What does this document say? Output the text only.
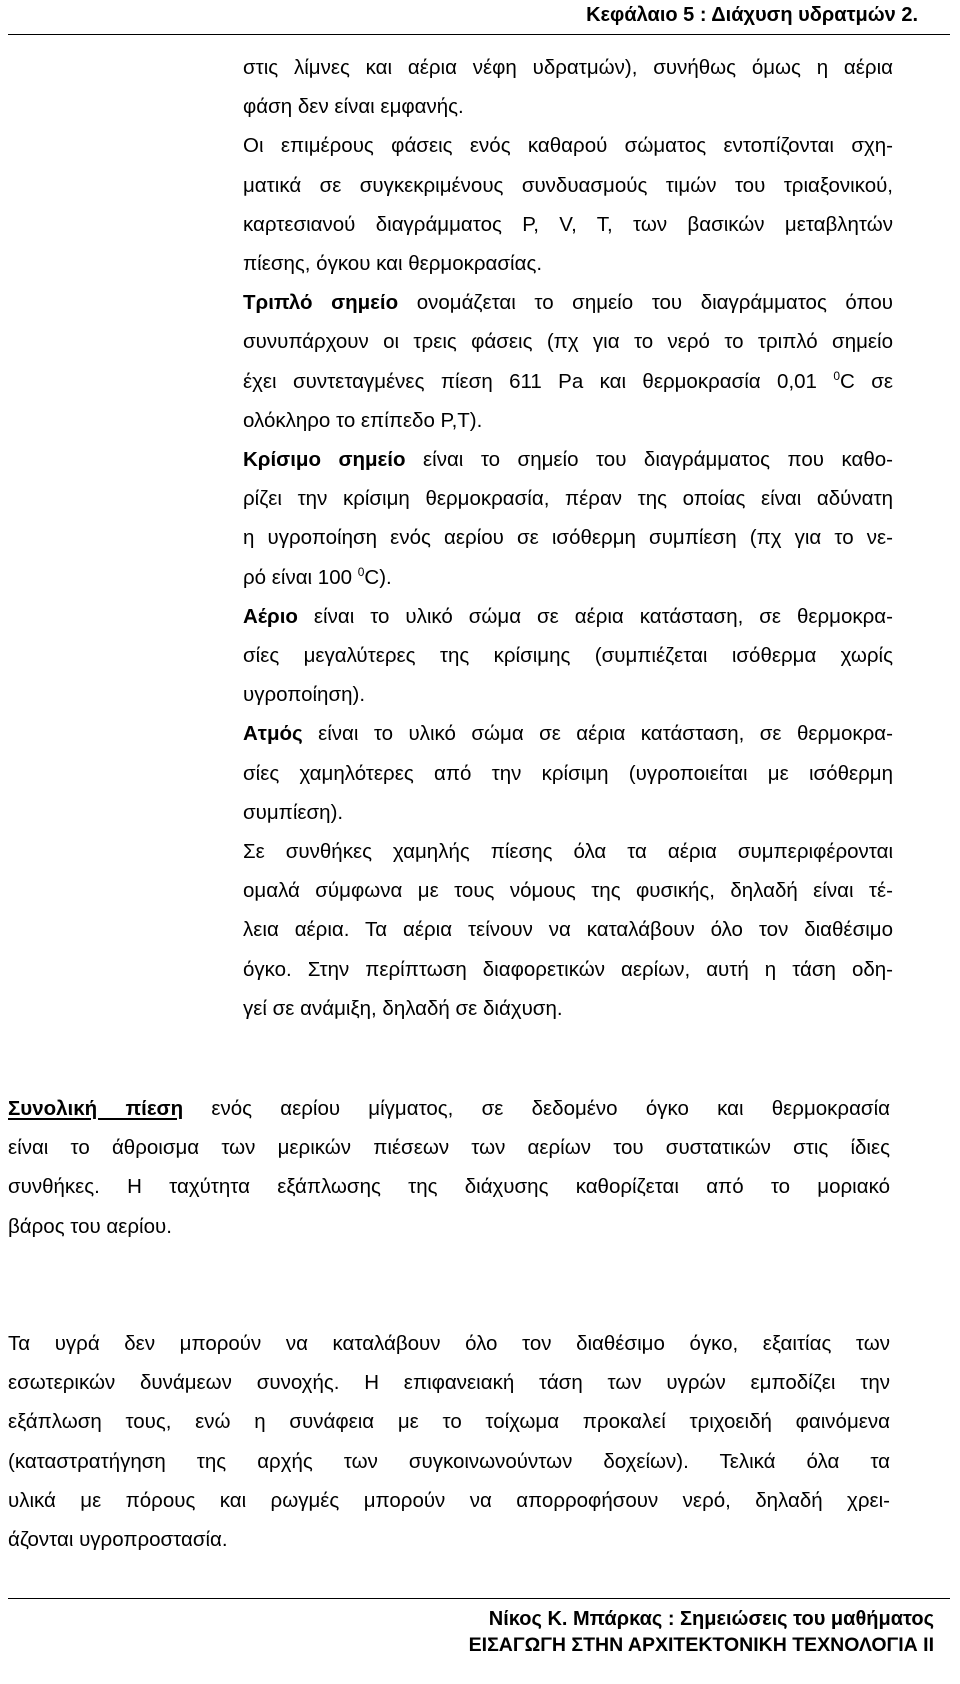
Κεφάλαιο 5 : Διάχυση υδρατμών 2.
στις λίμνες και αέρια νέφη υδρατμών), συνήθως όμως η αέρια
φάση δεν είναι εμφανής.
Οι επιμέρους φάσεις ενός καθαρού σώματος εντοπίζονται σχη-
ματικά σε συγκεκριμένους συνδυασμούς τιμών του τριαξονικού,
καρτεσιανού διαγράμματος P, V, T, των βασικών μεταβλητών
πίεσης, όγκου και θερμοκρασίας.
Τριπλό σημείο ονομάζεται το σημείο του διαγράμματος όπου
συνυπάρχουν οι τρεις φάσεις (πχ για το νερό το τριπλό σημείο
έχει συντεταγμένες πίεση 611 Pa και θερμοκρασία 0,01 $^0$C σε
ολόκληρο το επίπεδο P,T).
Κρίσιμο σημείο είναι το σημείο του διαγράμματος που καθο-
ρίζει την κρίσιμη θερμοκρασία, πέραν της οποίας είναι αδύνατη
η υγροποίηση ενός αερίου σε ισόθερμη συμπίεση (πχ για το νε-
ρό είναι 100 $^0$C).
Αέριο είναι το υλικό σώμα σε αέρια κατάσταση, σε θερμοκρα-
σίες μεγαλύτερες της κρίσιμης (συμπιέζεται ισόθερμα χωρίς
υγροποίηση).
Ατμός είναι το υλικό σώμα σε αέρια κατάσταση, σε θερμοκρα-
σίες χαμηλότερες από την κρίσιμη (υγροποιείται με ισόθερμη
συμπίεση).
Σε συνθήκες χαμηλής πίεσης όλα τα αέρια συμπεριφέρονται
ομαλά σύμφωνα με τους νόμους της φυσικής, δηλαδή είναι τέ-
λεια αέρια. Τα αέρια τείνουν να καταλάβουν όλο τον διαθέσιμο
όγκο. Στην περίπτωση διαφορετικών αερίων, αυτή η τάση οδη-
γεί σε ανάμιξη, δηλαδή σε διάχυση.
Συνολική πίεση ενός αερίου μίγματος, σε δεδομένο όγκο και θερμοκρασία
είναι το άθροισμα των μερικών πιέσεων των αερίων του συστατικών στις ίδιες
συνθήκες. Η ταχύτητα εξάπλωσης της διάχυσης καθορίζεται από το μοριακό
βάρος του αερίου.
Τα υγρά δεν μπορούν να καταλάβουν όλο τον διαθέσιμο όγκο, εξαιτίας των
εσωτερικών δυνάμεων συνοχής. Η επιφανειακή τάση των υγρών εμποδίζει την
εξάπλωση τους, ενώ η συνάφεια με το τοίχωμα προκαλεί τριχοειδή φαινόμενα
(καταστρατήγηση της αρχής των συγκοινωνούντων δοχείων). Τελικά όλα τα
υλικά με πόρους και ρωγμές μπορούν να απορροφήσουν νερό, δηλαδή χρει-
άζονται υγροπροστασία.
Νίκος Κ. Μπάρκας : Σημειώσεις του μαθήματος
ΕΙΣΑΓΩΓΗ ΣΤΗΝ ΑΡΧΙΤΕΚΤΟΝΙΚΗ ΤΕΧΝΟΛΟΓΙΑ ΙΙ
